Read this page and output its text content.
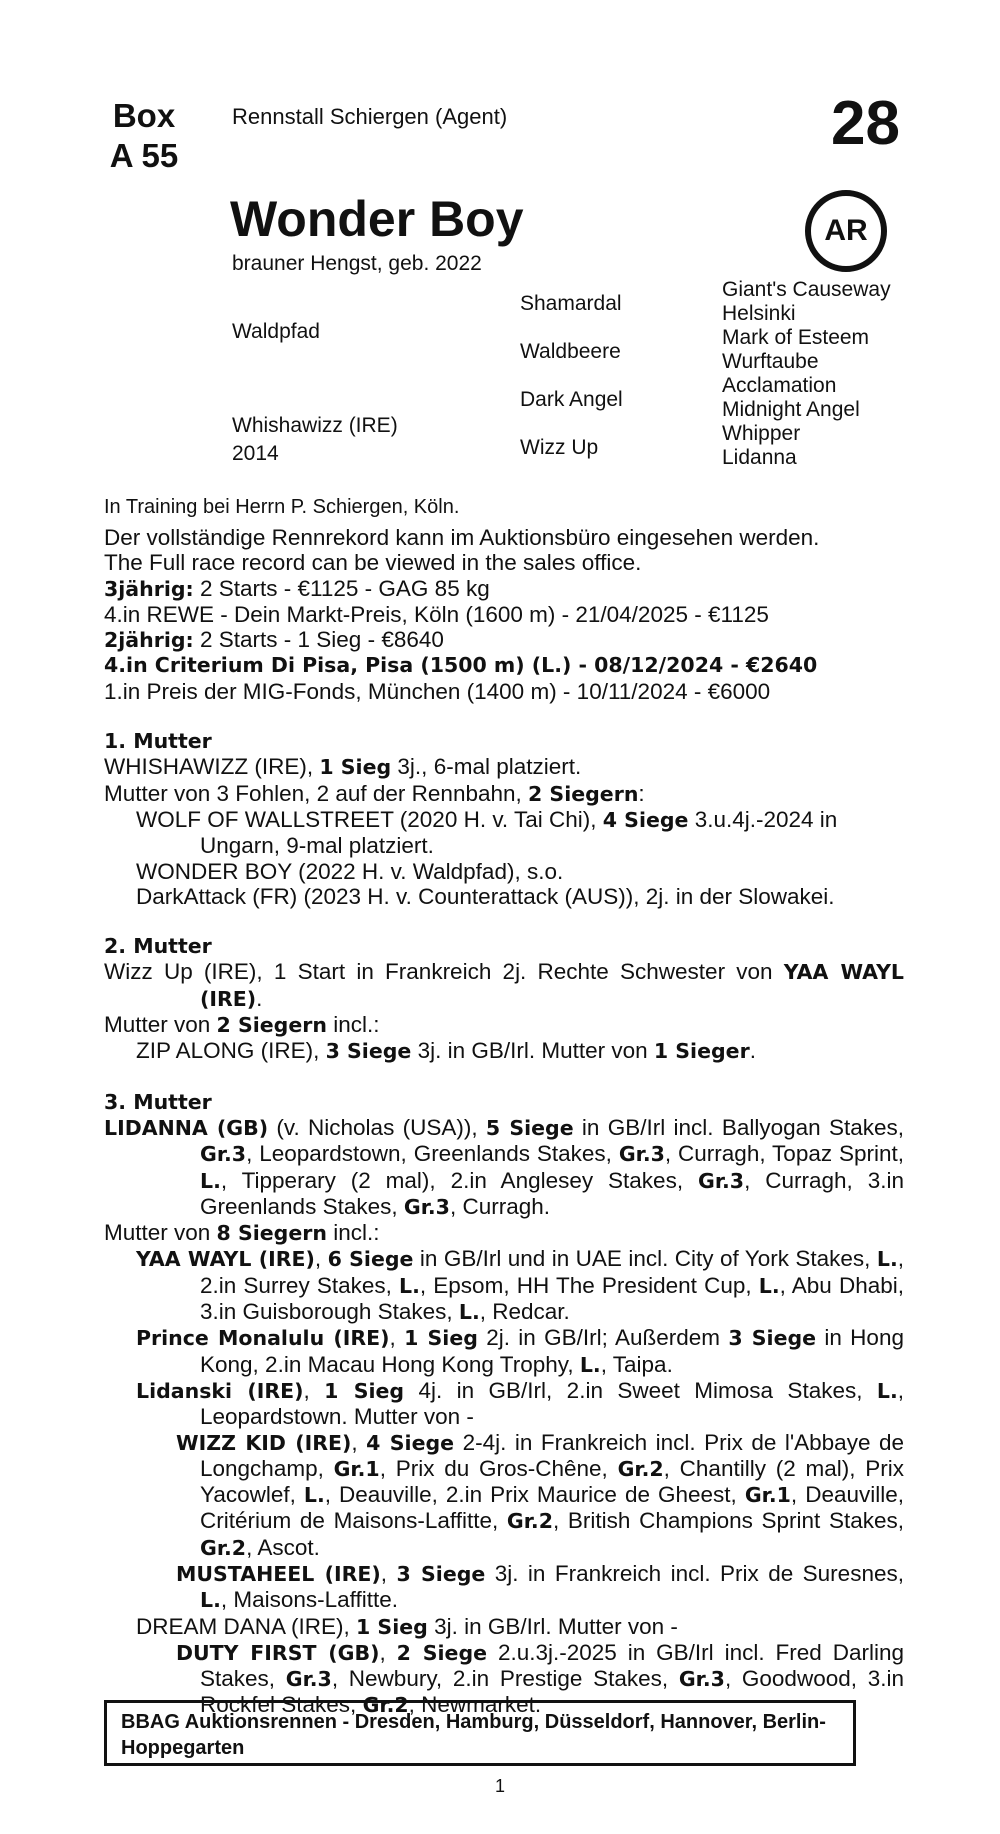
Box
A 55
Rennstall Schiergen (Agent)	28
AR
Wonder Boy
brauner Hengst, geb. 2022
Waldpfad
Whishawizz (IRE)
2014
Shamardal
Waldbeere
Dark Angel
Wizz Up
Giant's Causeway
Helsinki
Mark of Esteem
Wurftaube
Acclamation
Midnight Angel
Whipper
Lidanna
In Training bei Herrn P. Schiergen, Köln.

Der vollständige Rennrekord kann im Auktionsbüro eingesehen werden.

The Full race record can be viewed in the sales office.

3jährig: 2 Starts - €1125 - GAG 85 kg

4.in REWE - Dein Markt-Preis, Köln (1600 m) - 21/04/2025 - €1125

2jährig: 2 Starts - 1 Sieg - €8640

4.in Criterium Di Pisa, Pisa (1500 m) (L.) - 08/12/2024 - €2640

1.in Preis der MIG-Fonds, München (1400 m) - 10/11/2024 - €6000

1. Mutter

WHISHAWIZZ (IRE), 1 Sieg 3j., 6-mal platziert.

Mutter von 3 Fohlen, 2 auf der Rennbahn, 2 Siegern:

WOLF OF WALLSTREET (2020 H. v. Tai Chi), 4 Siege 3.u.4j.-2024 in Ungarn, 9-mal platziert.

WONDER BOY (2022 H. v. Waldpfad), s.o.

DarkAttack (FR) (2023 H. v. Counterattack (AUS)), 2j. in der Slowakei.

2. Mutter

Wizz Up (IRE), 1 Start in Frankreich 2j. Rechte Schwester von YAA WAYL (IRE).

Mutter von 2 Siegern incl.:

ZIP ALONG (IRE), 3 Siege 3j. in GB/Irl. Mutter von 1 Sieger.

3. Mutter

LIDANNA (GB) (v. Nicholas (USA)), 5 Siege in GB/Irl incl. Ballyogan Stakes, Gr.3, Leopardstown, Greenlands Stakes, Gr.3, Curragh, Topaz Sprint, L., Tipperary (2 mal), 2.in Anglesey Stakes, Gr.3, Curragh, 3.in Greenlands Stakes, Gr.3, Curragh.

Mutter von 8 Siegern incl.:

YAA WAYL (IRE), 6 Siege in GB/Irl und in UAE incl. City of York Stakes, L., 2.in Surrey Stakes, L., Epsom, HH The President Cup, L., Abu Dhabi, 3.in Guisborough Stakes, L., Redcar.

Prince Monalulu (IRE), 1 Sieg 2j. in GB/Irl; Außerdem 3 Siege in Hong Kong, 2.in Macau Hong Kong Trophy, L., Taipa.

Lidanski (IRE), 1 Sieg 4j. in GB/Irl, 2.in Sweet Mimosa Stakes, L., Leopardstown. Mutter von -

WIZZ KID (IRE), 4 Siege 2-4j. in Frankreich incl. Prix de l'Abbaye de Longchamp, Gr.1, Prix du Gros-Chêne, Gr.2, Chantilly (2 mal), Prix Yacowlef, L., Deauville, 2.in Prix Maurice de Gheest, Gr.1, Deauville, Critérium de Maisons-Laffitte, Gr.2, British Champions Sprint Stakes, Gr.2, Ascot.

MUSTAHEEL (IRE), 3 Siege 3j. in Frankreich incl. Prix de Suresnes, L., Maisons-Laffitte.

DREAM DANA (IRE), 1 Sieg 3j. in GB/Irl. Mutter von -

DUTY FIRST (GB), 2 Siege 2.u.3j.-2025 in GB/Irl incl. Fred Darling Stakes, Gr.3, Newbury, 2.in Prestige Stakes, Gr.3, Goodwood, 3.in Rockfel Stakes, Gr.2, Newmarket.

BBAG Auktionsrennen - Dresden, Hamburg, Düsseldorf, Hannover, Berlin-Hoppegarten
1
